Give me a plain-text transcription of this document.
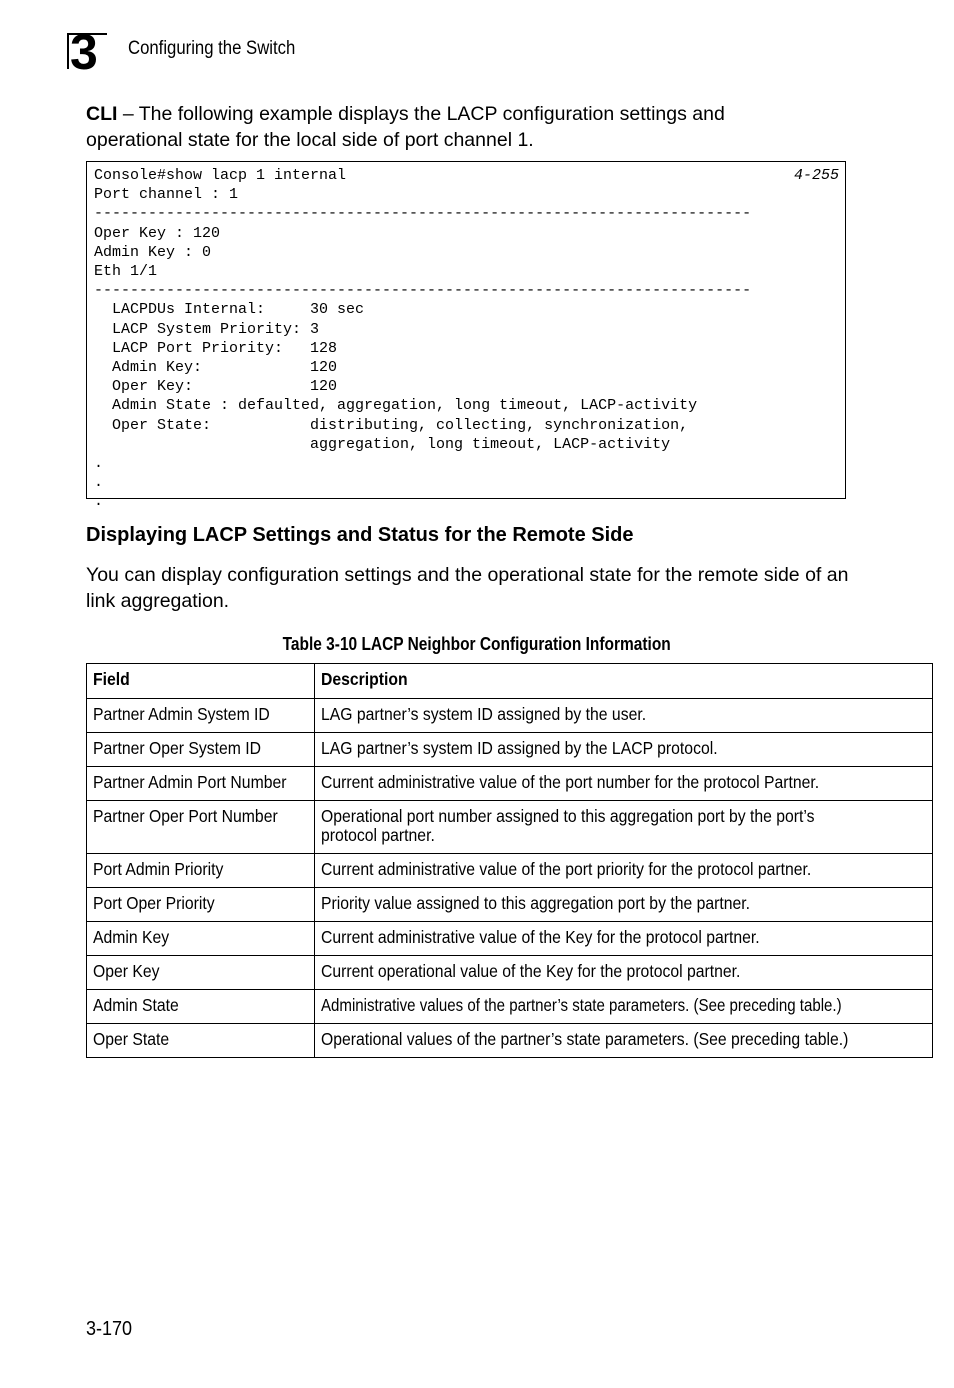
3 Configuring the Switch
CLI – The following example displays the LACP configuration settings and operational state for the local side of port channel 1.
4-255
Console#show lacp 1 internal
Port channel : 1
-------------------------------------------------------------------------
Oper Key : 120
Admin Key : 0
Eth 1/1
-------------------------------------------------------------------------
LACPDUs Internal:     30 sec
LACP System Priority: 3
LACP Port Priority:   128
Admin Key:            120
Oper Key:             120
Admin State : defaulted, aggregation, long timeout, LACP-activity
Oper State:           distributing, collecting, synchronization,
aggregation, long timeout, LACP-activity
.
.
.
Displaying LACP Settings and Status for the Remote Side
You can display configuration settings and the operational state for the remote side of an link aggregation.
Table 3-10 LACP Neighbor Configuration Information
Field	Description
Partner Admin System ID	LAG partner’s system ID assigned by the user.
Partner Oper System ID	LAG partner’s system ID assigned by the LACP protocol.
Partner Admin Port Number	Current administrative value of the port number for the protocol Partner.
Partner Oper Port Number	Operational port number assigned to this aggregation port by the port’s protocol partner.

Port Admin Priority	Current administrative value of the port priority for the protocol partner.
Port Oper Priority	Priority value assigned to this aggregation port by the partner.
Admin Key	Current administrative value of the Key for the protocol partner.
Oper Key	Current operational value of the Key for the protocol partner.
Admin State	Administrative values of the partner’s state parameters. (See preceding table.)
Oper State	Operational values of the partner’s state parameters. (See preceding table.)
3-170
